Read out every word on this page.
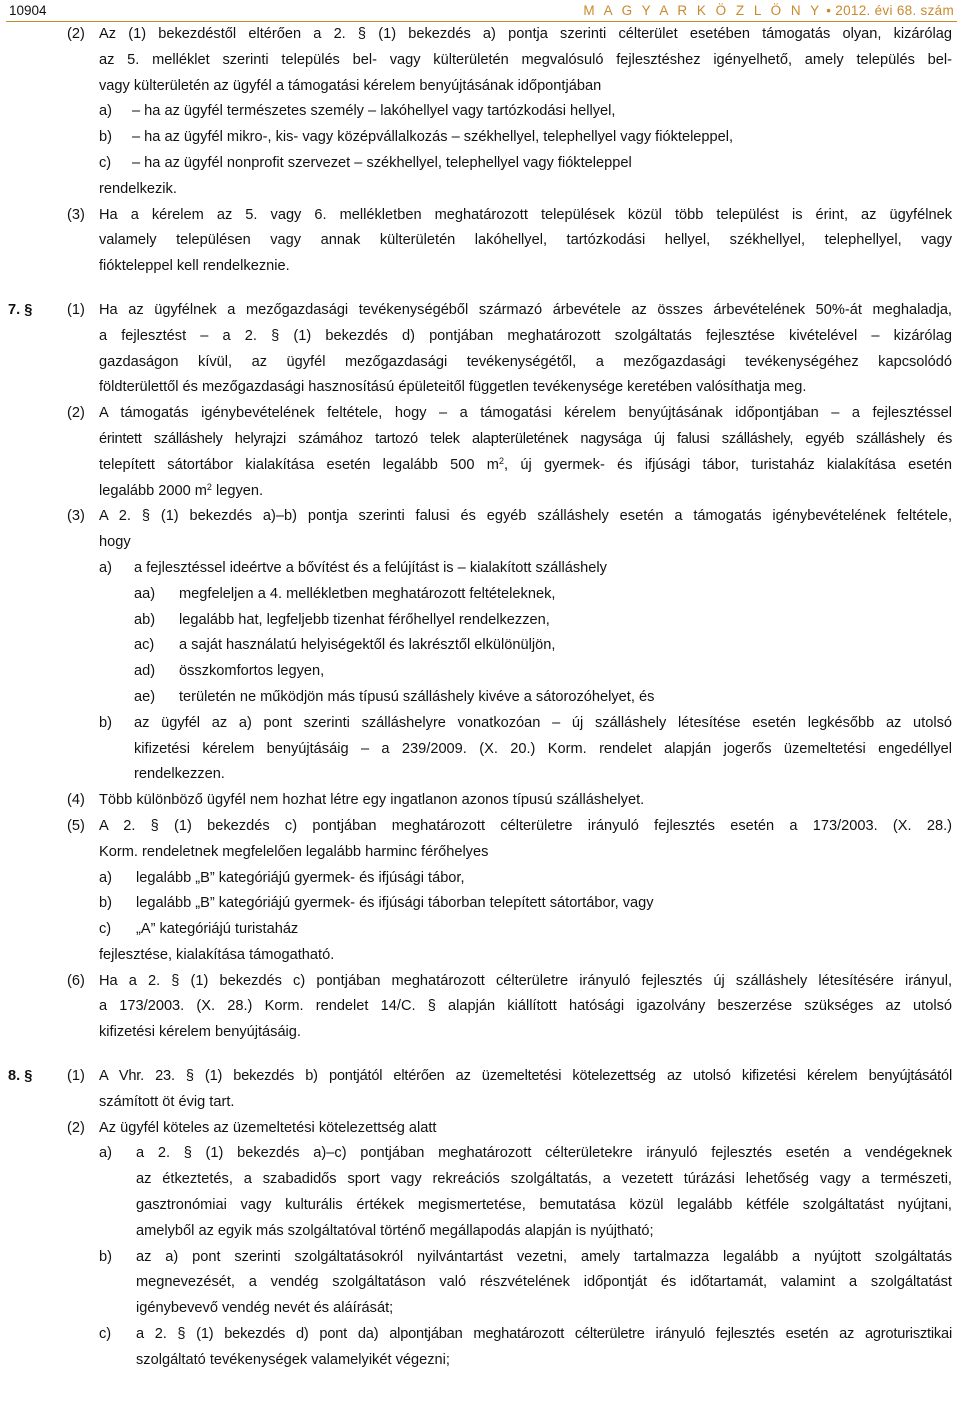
10904	M A G Y A R K Ö Z L Ö N Y • 2012. évi 68. szám
(2) Az (1) bekezdéstől eltérően a 2. § (1) bekezdés a) pontja szerinti célterület esetében támogatás olyan, kizárólag
az 5. melléklet szerinti település bel- vagy külterületén megvalósuló fejlesztéshez igényelhető, amely település bel-
vagy külterületén az ügyfél a támogatási kérelem benyújtásának időpontjában
a) – ha az ügyfél természetes személy – lakóhellyel vagy tartózkodási hellyel,
b) – ha az ügyfél mikro-, kis- vagy középvállalkozás – székhellyel, telephellyel vagy fiókteleppel,
c) – ha az ügyfél nonprofit szervezet – székhellyel, telephellyel vagy fiókteleppel
rendelkezik.
(3) Ha a kérelem az 5. vagy 6. mellékletben meghatározott települések közül több települést is érint, az ügyfélnek
valamely településen vagy annak külterületén lakóhellyel, tartózkodási hellyel, székhellyel, telephellyel, vagy
fiókteleppel kell rendelkeznie.
7. § (1) Ha az ügyfélnek a mezőgazdasági tevékenységéből származó árbevétele az összes árbevételének 50%-át meghaladja,
a fejlesztést – a 2. § (1) bekezdés d) pontjában meghatározott szolgáltatás fejlesztése kivételével – kizárólag
gazdaságon kívül, az ügyfél mezőgazdasági tevékenységétől, a mezőgazdasági tevékenységéhez kapcsolódó
földterülettől és mezőgazdasági hasznosítású épületeitől független tevékenysége keretében valósíthatja meg.
(2) A támogatás igénybevételének feltétele, hogy – a támogatási kérelem benyújtásának időpontjában – a fejlesztéssel
érintett szálláshely helyrajzi számához tartozó telek alapterületének nagysága új falusi szálláshely, egyéb szálláshely és
telepített sátortábor kialakítása esetén legalább 500 $m^2$, új gyermek- és ifjúsági tábor, turistaház kialakítása esetén
legalább 2000 $m^2$ legyen.
(3) A 2. § (1) bekezdés a)–b) pontja szerinti falusi és egyéb szálláshely esetén a támogatás igénybevételének feltétele,
hogy
a) a fejlesztéssel ideértve a bővítést és a felújítást is – kialakított szálláshely
aa) megfeleljen a 4. mellékletben meghatározott feltételeknek,
ab) legalább hat, legfeljebb tizenhat férőhellyel rendelkezzen,
ac) a saját használatú helyiségektől és lakrésztől elkülönüljön,
ad) összkomfortos legyen,
ae) területén ne működjön más típusú szálláshely kivéve a sátorozóhelyet, és
b) az ügyfél az a) pont szerinti szálláshelyre vonatkozóan – új szálláshely létesítése esetén legkésőbb az utolsó
kifizetési kérelem benyújtásáig – a 239/2009. (X. 20.) Korm. rendelet alapján jogerős üzemeltetési engedéllyel
rendelkezzen.
(4) Több különböző ügyfél nem hozhat létre egy ingatlanon azonos típusú szálláshelyet.
(5) A 2. § (1) bekezdés c) pontjában meghatározott célterületre irányuló fejlesztés esetén a 173/2003. (X. 28.)
Korm. rendeletnek megfelelően legalább harminc férőhelyes
a) legalább „B” kategóriájú gyermek- és ifjúsági tábor,
b) legalább „B” kategóriájú gyermek- és ifjúsági táborban telepített sátortábor, vagy
c) „A” kategóriájú turistaház
fejlesztése, kialakítása támogatható.
(6) Ha a 2. § (1) bekezdés c) pontjában meghatározott célterületre irányuló fejlesztés új szálláshely létesítésére irányul,
a 173/2003. (X. 28.) Korm. rendelet 14/C. § alapján kiállított hatósági igazolvány beszerzése szükséges az utolsó
kifizetési kérelem benyújtásáig.
8. § (1) A Vhr. 23. § (1) bekezdés b) pontjától eltérően az üzemeltetési kötelezettség az utolsó kifizetési kérelem benyújtásától
számított öt évig tart.
(2) Az ügyfél köteles az üzemeltetési kötelezettség alatt
a) a 2. § (1) bekezdés a)–c) pontjában meghatározott célterületekre irányuló fejlesztés esetén a vendégeknek
az étkeztetés, a szabadidős sport vagy rekreációs szolgáltatás, a vezetett túrázási lehetőség vagy a természeti,
gasztronómiai vagy kulturális értékek megismertetése, bemutatása közül legalább kétféle szolgáltatást nyújtani,
amelyből az egyik más szolgáltatóval történő megállapodás alapján is nyújtható;
b) az a) pont szerinti szolgáltatásokról nyilvántartást vezetni, amely tartalmazza legalább a nyújtott szolgáltatás
megnevezését, a vendég szolgáltatáson való részvételének időpontját és időtartamát, valamint a szolgáltatást
igénybevevő vendég nevét és aláírását;
c) a 2. § (1) bekezdés d) pont da) alpontjában meghatározott célterületre irányuló fejlesztés esetén az agroturisztikai
szolgáltató tevékenységek valamelyikét végezni;
